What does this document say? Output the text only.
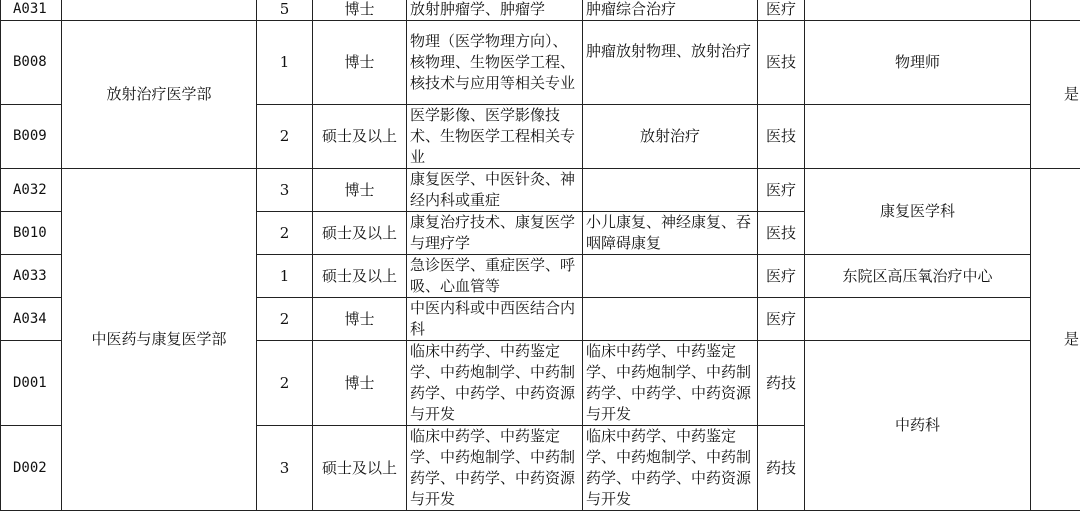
A031		5	博士	放射肿瘤学、肿瘤学	肿瘤综合治疗	医疗		
B008	放射治疗医学部	1	博士	物理（医学物理方向）、核物理、生物医学工程、核技术与应用等相关专业	肿瘤放射物理、放射治疗	医技	物理师	是
B009		2	硕士及以上	医学影像、医学影像技术、生物医学工程相关专业	放射治疗	医技		
A032	中医药与康复医学部	3	博士	康复医学、中医针灸、神经内科或重症		医疗	康复医学科	是
B010		2	硕士及以上	康复治疗技术、康复医学与理疗学	小儿康复、神经康复、吞咽障碍康复	医技		
A033		1	硕士及以上	急诊医学、重症医学、呼吸、心血管等		医疗	东院区高压氧治疗中心	
A034		2	博士	中医内科或中西医结合内科		医疗		
D001		2	博士	临床中药学、中药鉴定学、中药炮制学、中药制药学、中药学、中药资源与开发	临床中药学、中药鉴定学、中药炮制学、中药制药学、中药学、中药资源与开发	药技	中药科	
D002		3	硕士及以上	临床中药学、中药鉴定学、中药炮制学、中药制药学、中药学、中药资源与开发	临床中药学、中药鉴定学、中药炮制学、中药制药学、中药学、中药资源与开发	药技		
